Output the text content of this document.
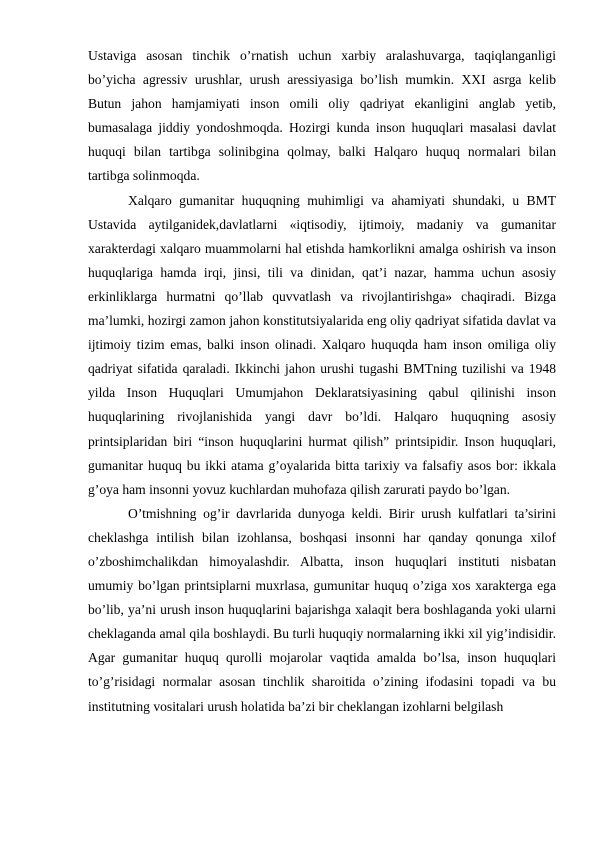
Ustaviga asosan tinchik o’rnatish uchun xarbiy aralashuvarga, taqiqlanganligi bo’yicha agressiv urushlar, urush aressiyasiga bo’lish mumkin. XXI asrga kelib Butun jahon hamjamiyati inson omili oliy qadriyat ekanligini anglab yetib, bumasalaga jiddiy yondoshmoqda. Hozirgi kunda inson huquqlari masalasi davlat huquqi bilan tartibga solinibgina qolmay, balki Halqaro huquq normalari bilan tartibga solinmoqda.

Xalqaro gumanitar huquqning muhimligi va ahamiyati shundaki, u BMT Ustavida aytilganidek,davlatlarni «iqtisodiy, ijtimoiy, madaniy va gumanitar xarakterdagi xalqaro muammolarni hal etishda hamkorlikni amalga oshirish va inson huquqlariga hamda irqi, jinsi, tili va dinidan, qat’i nazar, hamma uchun asosiy erkinliklarga hurmatni qo’llab quvvatlash va rivojlantirishga» chaqiradi. Bizga ma’lumki, hozirgi zamon jahon konstitutsiyalarida eng oliy qadriyat sifatida davlat va ijtimoiy tizim emas, balki inson olinadi. Xalqaro huquqda ham inson omiliga oliy qadriyat sifatida qaraladi. Ikkinchi jahon urushi tugashi BMTning tuzilishi va 1948 yilda Inson Huquqlari Umumjahon Deklaratsiyasining qabul qilinishi inson huquqlarining rivojlanishida yangi davr bo’ldi. Halqaro huquqning asosiy printsiplaridan biri “inson huquqlarini hurmat qilish” printsipidir. Inson huquqlari, gumanitar huquq bu ikki atama g’oyalarida bitta tarixiy va falsafiy asos bor: ikkala g’oya ham insonni yovuz kuchlardan muhofaza qilish zarurati paydo bo’lgan.

O’tmishning og’ir davrlarida dunyoga keldi. Birir urush kulfatlari ta’sirini cheklashga intilish bilan izohlansa, boshqasi insonni har qanday qonunga xilof o’zboshimchalikdan himoyalashdir. Albatta, inson huquqlari instituti nisbatan umumiy bo’lgan printsiplarni muxrlasa, gumunitar huquq o’ziga xos xarakterga ega bo’lib, ya’ni urush inson huquqlarini bajarishga xalaqit bera boshlaganda yoki ularni cheklaganda amal qila boshlaydi. Bu turli huquqiy normalarning ikki xil yig’indisidir. Agar gumanitar huquq qurolli mojarolar vaqtida amalda bo’lsa, inson huquqlari to’g’risidagi normalar asosan tinchlik sharoitida o’zining ifodasini topadi va bu institutning vositalari urush holatida ba’zi bir cheklangan izohlarni belgilash
